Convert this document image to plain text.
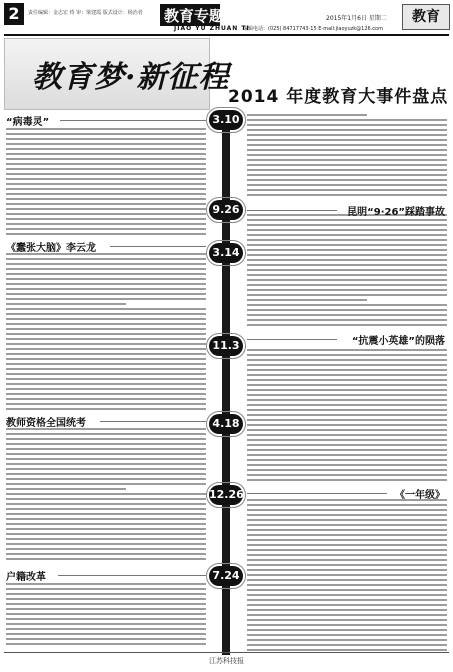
2	责任编辑：金志宏 终 审：梁建霞 版式设计：杨治者 教育专题
JIAO YU ZHUAN TI
2015年1月6日 星期二
编辑电话：(025) 84717743-15 E-mail:jiaoyuzk@126.com
教育
教育梦·新征程
2014 年度教育大事件盘点
3.10
9.26
3.14
11.3
4.18
12.26
7.24
“病毒灵”
《蠢张大脑》李云龙
教师资格全国统考
户籍改革
昆明“9·26”踩踏事故
“抗震小英雄”的陨落
《一年级》
江苏科技报
